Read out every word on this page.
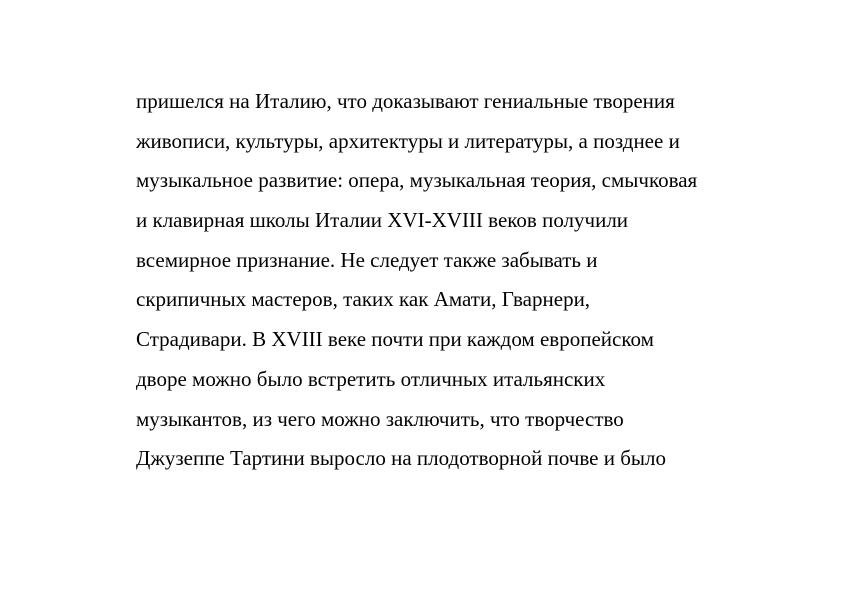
пришелся на Италию, что доказывают гениальные творения
живописи, культуры, архитектуры и литературы, а позднее и
музыкальное развитие: опера, музыкальная теория, смычковая
и клавирная школы Италии XVI-XVIII веков получили
всемирное признание. Не следует также забывать и
скрипичных мастеров, таких как Амати, Гварнери,
Страдивари. В XVIII веке почти при каждом европейском
дворе можно было встретить отличных итальянских
музыкантов, из чего можно заключить, что творчество
Джузеппе Тартини выросло на плодотворной почве и было
